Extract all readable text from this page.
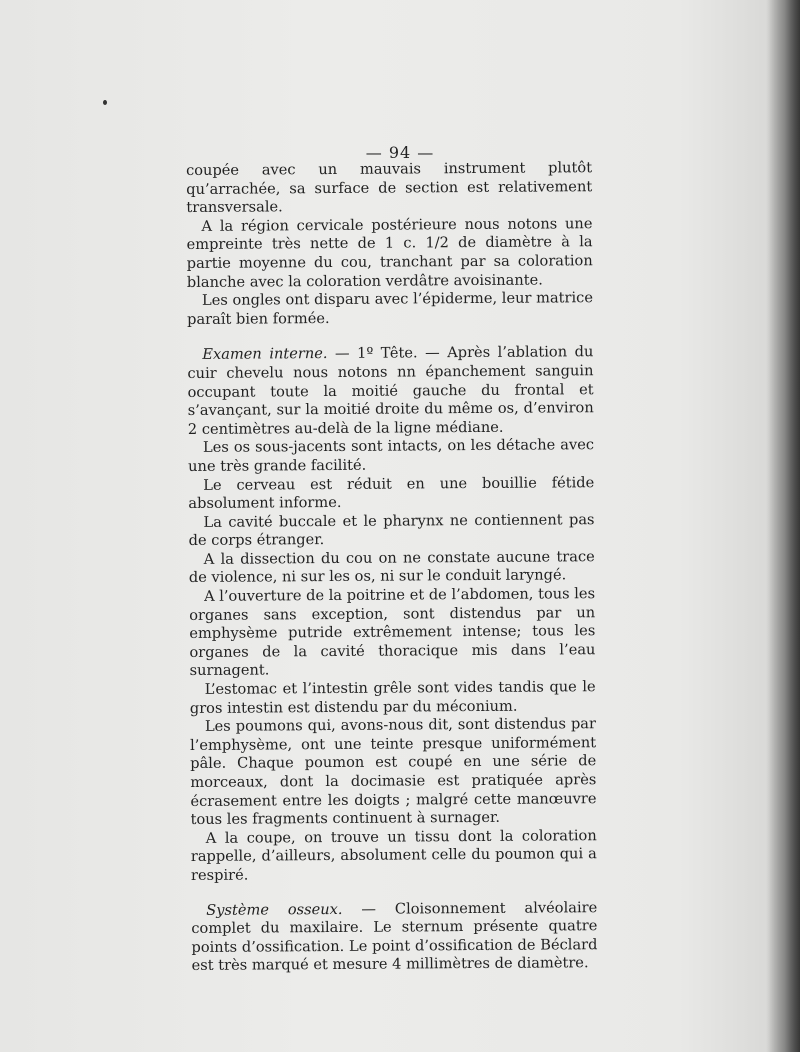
— 94 —

coupée avec un mauvais instrument plutôt qu’arrachée, sa surface de section est relativement transversale.

A la région cervicale postérieure nous notons une empreinte très nette de 1 c. 1/2 de diamètre à la partie moyenne du cou, tranchant par sa coloration blanche avec la coloration verdâtre avoisinante.

Les ongles ont disparu avec l’épiderme, leur matrice paraît bien formée.

Examen interne. — 1º Tête. — Après l’ablation du cuir chevelu nous notons nn épanchement sanguin occupant toute la moitié gauche du frontal et s’avançant, sur la moitié droite du même os, d’environ 2 centimètres au-delà de la ligne médiane.

Les os sous-jacents sont intacts, on les détache avec une très grande facilité.

Le cerveau est réduit en une bouillie fétide absolument informe.

La cavité buccale et le pharynx ne contiennent pas de corps étranger.

A la dissection du cou on ne constate aucune trace de violence, ni sur les os, ni sur le conduit laryngé.

A l’ouverture de la poitrine et de l’abdomen, tous les organes sans exception, sont distendus par un emphysème putride extrêmement intense; tous les organes de la cavité thoracique mis dans l’eau surnagent.

L’estomac et l’intestin grêle sont vides tandis que le gros intestin est distendu par du méconium.

Les poumons qui, avons-nous dit, sont distendus par l’emphysème, ont une teinte presque uniformément pâle. Chaque poumon est coupé en une série de morceaux, dont la docimasie est pratiquée après écrasement entre les doigts ; malgré cette manœuvre tous les fragments continuent à surnager.

A la coupe, on trouve un tissu dont la coloration rappelle, d’ailleurs, absolument celle du poumon qui a respiré.

Système osseux. — Cloisonnement alvéolaire complet du maxilaire. Le sternum présente quatre points d’ossification. Le point d’ossification de Béclard est très marqué et mesure 4 millimètres de diamètre.
